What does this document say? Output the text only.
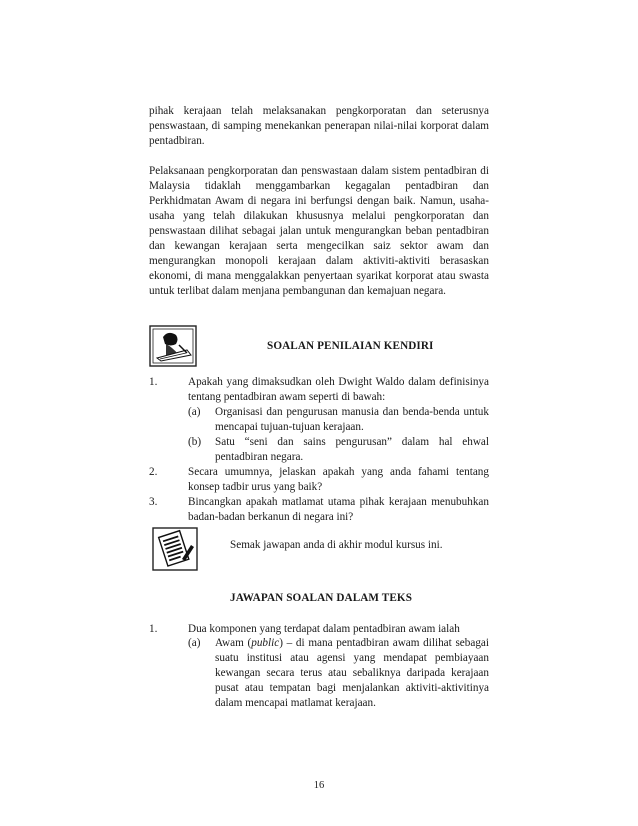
pihak kerajaan telah melaksanakan pengkorporatan dan seterusnya penswastaan, di samping menekankan penerapan nilai-nilai korporat dalam pentadbiran.
Pelaksanaan pengkorporatan dan penswastaan dalam sistem pentadbiran di Malaysia tidaklah menggambarkan kegagalan pentadbiran dan Perkhidmatan Awam di negara ini berfungsi dengan baik. Namun, usaha-usaha yang telah dilakukan khususnya melalui pengkorporatan dan penswastaan dilihat sebagai jalan untuk mengurangkan beban pentadbiran dan kewangan kerajaan serta mengecilkan saiz sektor awam dan mengurangkan monopoli kerajaan dalam aktiviti-aktiviti berasaskan ekonomi, di mana menggalakkan penyertaan syarikat korporat atau swasta untuk terlibat dalam menjana pembangunan dan kemajuan negara.
SOALAN PENILAIAN KENDIRI
1.	Apakah yang dimaksudkan oleh Dwight Waldo dalam definisinya tentang pentadbiran awam seperti di bawah:
(a) Organisasi dan pengurusan manusia dan benda-benda untuk mencapai tujuan-tujuan kerajaan.
(b) Satu “seni dan sains pengurusan” dalam hal ehwal pentadbiran negara.
2.	Secara umumnya, jelaskan apakah yang anda fahami tentang konsep tadbir urus yang baik?
3.	Bincangkan apakah matlamat utama pihak kerajaan menubuhkan badan-badan berkanun di negara ini?
Semak jawapan anda di akhir modul kursus ini.
JAWAPAN SOALAN DALAM TEKS
1.	Dua komponen yang terdapat dalam pentadbiran awam ialah
(a) Awam (public) – di mana pentadbiran awam dilihat sebagai suatu institusi atau agensi yang mendapat pembiayaan kewangan secara terus atau sebaliknya daripada kerajaan pusat atau tempatan bagi menjalankan aktiviti-aktivitinya dalam mencapai matlamat kerajaan.
16
